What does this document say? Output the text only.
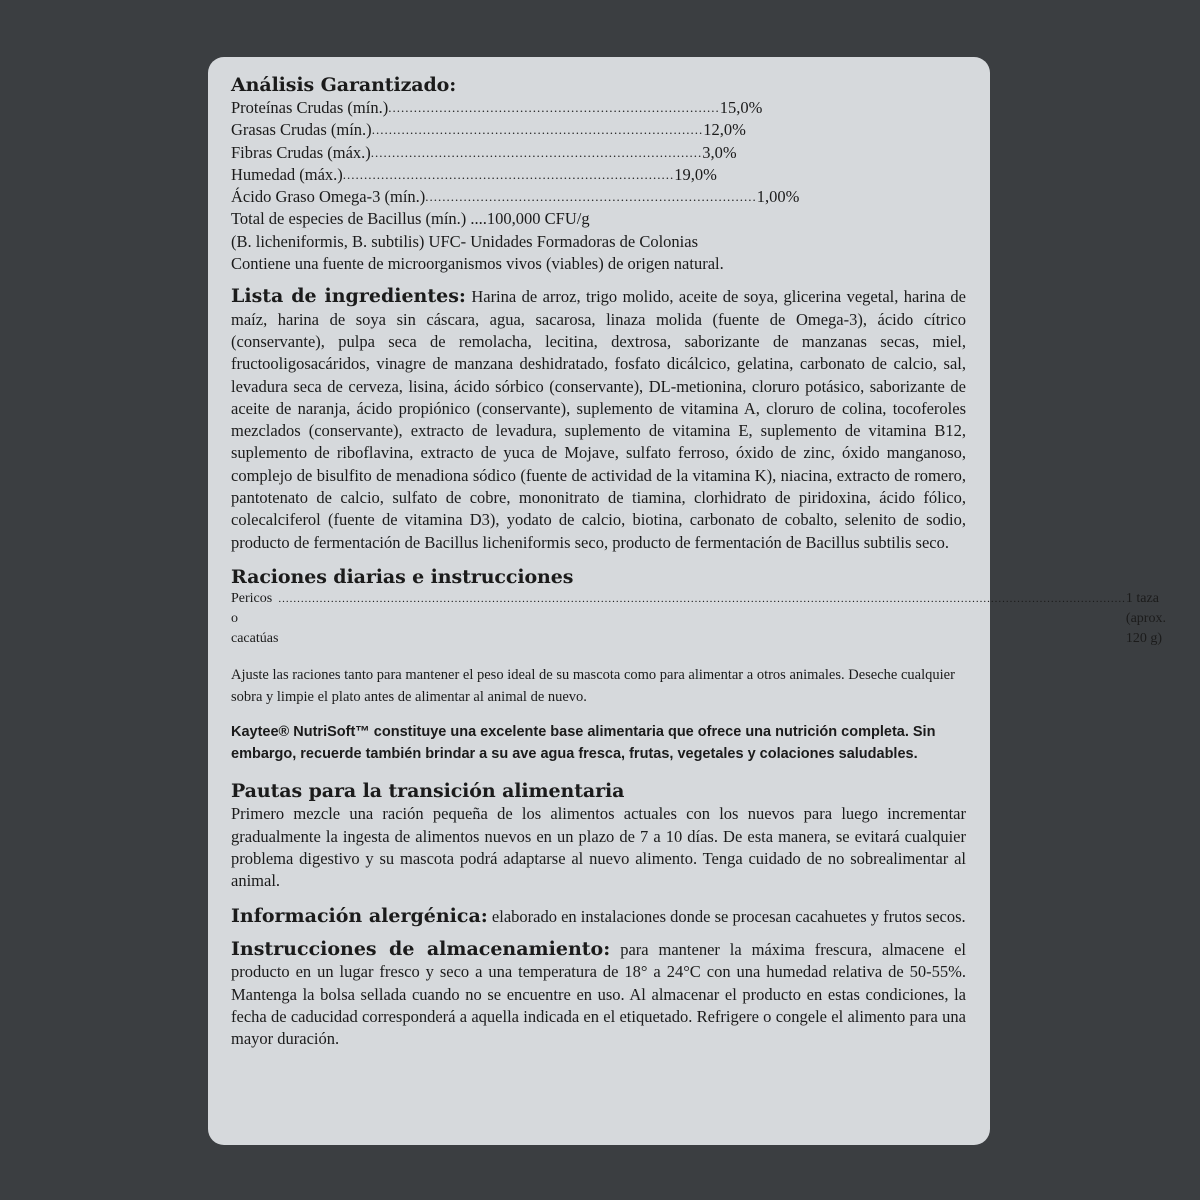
Análisis Garantizado:
Proteínas Crudas (mín.) .............................................................................. 15,0%
Grasas Crudas (mín.) .............................................................................. 12,0%
Fibras Crudas (máx.) .............................................................................. 3,0%
Humedad (máx.) .............................................................................. 19,0%
Ácido Graso Omega-3 (mín.) .............................................................................. 1,00%
Total de especies de Bacillus (mín.) ....100,000 CFU/g
(B. licheniformis, B. subtilis) UFC- Unidades Formadoras de Colonias
Contiene una fuente de microorganismos vivos (viables) de origen natural.

Lista de ingredientes: Harina de arroz, trigo molido, aceite de soya, glicerina vegetal, harina de maíz, harina de soya sin cáscara, agua, sacarosa, linaza molida (fuente de Omega-3), ácido cítrico (conservante), pulpa seca de remolacha, lecitina, dextrosa, saborizante de manzanas secas, miel, fructooligosacáridos, vinagre de manzana deshidratado, fosfato dicálcico, gelatina, carbonato de calcio, sal, levadura seca de cerveza, lisina, ácido sórbico (conservante), DL-metionina, cloruro potásico, saborizante de aceite de naranja, ácido propiónico (conservante), suplemento de vitamina A, cloruro de colina, tocoferoles mezclados (conservante), extracto de levadura, suplemento de vitamina E, suplemento de vitamina B12, suplemento de riboflavina, extracto de yuca de Mojave, sulfato ferroso, óxido de zinc, óxido manganoso, complejo de bisulfito de menadiona sódico (fuente de actividad de la vitamina K), niacina, extracto de romero, pantotenato de calcio, sulfato de cobre, mononitrato de tiamina, clorhidrato de piridoxina, ácido fólico, colecalciferol (fuente de vitamina D3), yodato de calcio, biotina, carbonato de cobalto, selenito de sodio, producto de fermentación de Bacillus licheniformis seco, producto de fermentación de Bacillus subtilis seco.

Raciones diarias e instrucciones
Pericos o cacatúas
.................................................................................................................................................................................................................................. 1 taza (aprox. 120 g)

Ajuste las raciones tanto para mantener el peso ideal de su mascota como para alimentar a otros animales. Deseche cualquier sobra y limpie el plato antes de alimentar al animal de nuevo.

Kaytee® NutriSoft™ constituye una excelente base alimentaria que ofrece una nutrición completa. Sin embargo, recuerde también brindar a su ave agua fresca, frutas, vegetales y colaciones saludables.

Pautas para la transición alimentaria

Primero mezcle una ración pequeña de los alimentos actuales con los nuevos para luego incrementar gradualmente la ingesta de alimentos nuevos en un plazo de 7 a 10 días. De esta manera, se evitará cualquier problema digestivo y su mascota podrá adaptarse al nuevo alimento. Tenga cuidado de no sobrealimentar al animal.

Información alergénica: elaborado en instalaciones donde se procesan cacahuetes y frutos secos.

Instrucciones de almacenamiento: para mantener la máxima frescura, almacene el producto en un lugar fresco y seco a una temperatura de 18° a 24°C con una humedad relativa de 50-55%. Mantenga la bolsa sellada cuando no se encuentre en uso. Al almacenar el producto en estas condiciones, la fecha de caducidad corresponderá a aquella indicada en el etiquetado. Refrigere o congele el alimento para una mayor duración.
